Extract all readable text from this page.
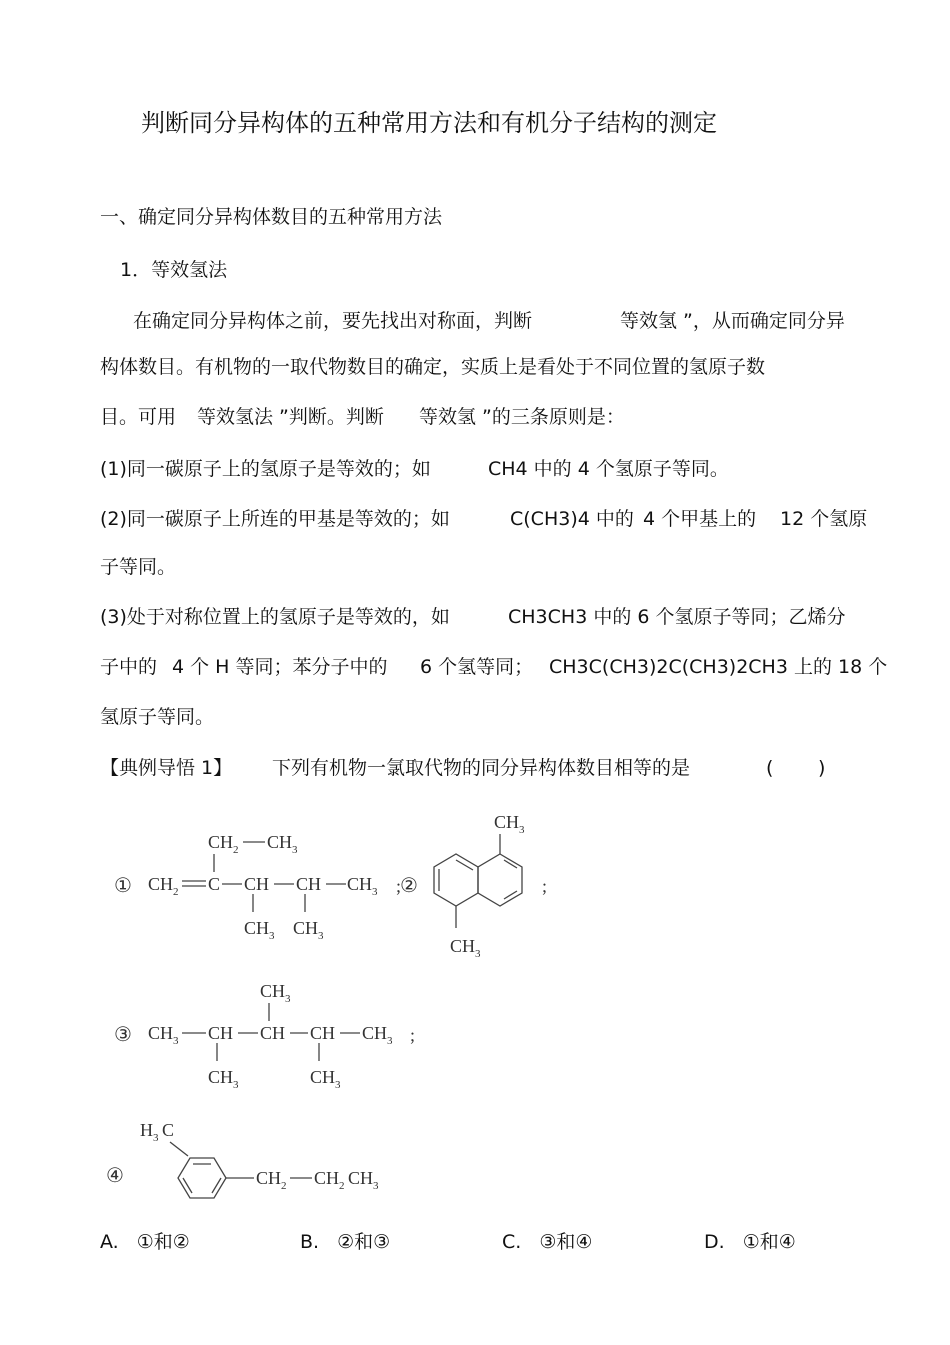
判断同分异构体的五种常用方法和有机分子结构的测定
一、确定同分异构体数目的五种常用方法
1．等效氢法
在确定同分异构体之前，要先找出对称面，判断	等效氢 ”，从而确定同分异
构体数目。有机物的一取代物数目的确定，实质上是看处于不同位置的氢原子数
目。可用 等效氢法 ”判断。判断 等效氢 ”的三条原则是：
(1)同一碳原子上的氢原子是等效的；如	CH4 中的 4 个氢原子等同。
(2)同一碳原子上所连的甲基是等效的；如	C(CH3)4 中的 4 个甲基上的 12 个氢原
子等同。
(3)处于对称位置上的氢原子是等效的，如	CH3CH3 中的 6 个氢原子等同；乙烯分
子中的 4 个 H 等同；苯分子中的 6 个氢等同； CH3C(CH3)2C(CH3)2CH3 上的 18 个
氢原子等同。
【典例导悟 1】 下列有机物一氯取代物的同分异构体数目相等的是	( )
①
CH 2 CH 3
CH 2 C CH CH CH 3
CH 3 CH 3
;
②
CH 3
CH 3
;
③
CH 3
CH 3 CH CH CH CH 3
CH 3	CH 3
;
④
H 3 C
CH 2 CH 2 CH 3
A. ①和②	B. ②和③	C. ③和④	D. ①和④
